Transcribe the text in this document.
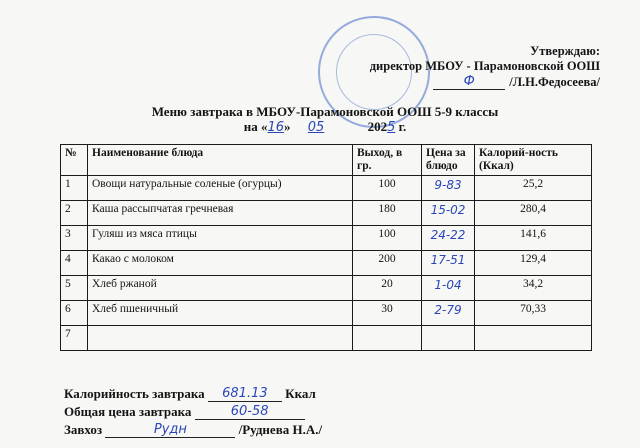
Утверждаю:
директор МБОУ - Парамоновской ООШ
Ф	/Л.Н.Федосеева/
Меню завтрака в МБОУ-Парамоновской ООШ 5-9 классы
на «16» 05	2025 г.
№	Наименование блюда	Выход, в гр.	Цена за блюдо	Калорий-ность (Ккал)
1	Овощи натуральные соленые (огурцы)	100	9-83	25,2
2	Каша рассыпчатая гречневая	180	15-02	280,4
3	Гуляш из мяса птицы	100	24-22	141,6
4	Какао с молоком	200	17-51	129,4
5	Хлеб ржаной	20	1-04	34,2
6	Хлеб пшеничный	30	2-79	70,33
7				
Калорийность завтрака 681.13 Ккал
Общая цена завтрака	60-58
Завхоз	Рудн	/Руднева Н.А./
